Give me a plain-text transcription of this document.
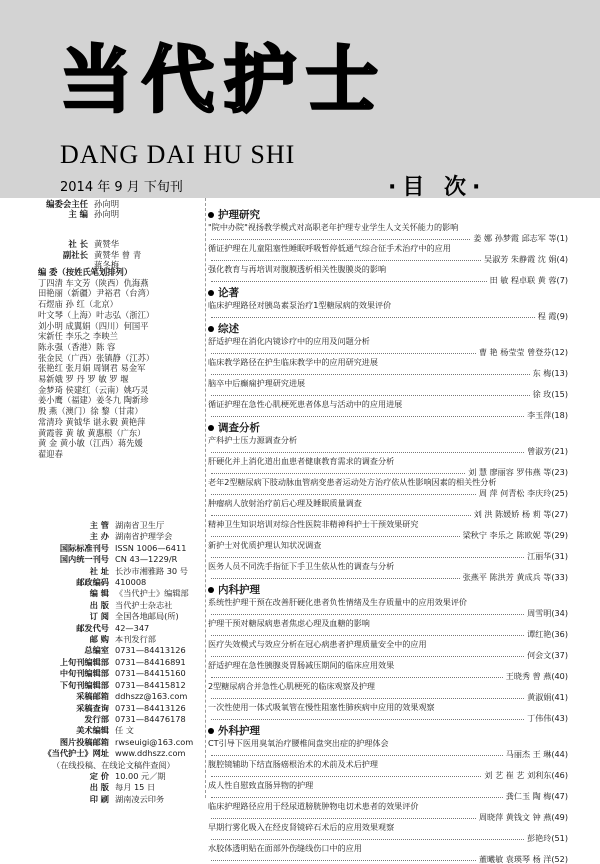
当代护士
DANG DAI HU SHI
2014 年 9 月 下旬刊	·目 次·
编委会主任 孙向明
主 编 孙向明
社 长 黄赞华
副社长 黄赞华 曾 青
蒋冬梅
编 委（按姓氏笔划排列）
丁四清 车文芳（陕西）仇海燕
田艳丽（新疆）尹裕君（台湾）
石煜庙 孙 红（北京）
叶文琴（上海）叶志弘（浙江）
刘小明 成翼娟（四川）何国平
宋新任 李乐之 李映兰
陈永强（香港）陈 容
张金民（广西）张镇静（江苏）
张艳红 张月娟 周钢君 易金军
易新娥 罗 丹 罗 敏 罗 堰
金梦琦 侯建红（云南）姚巧灵
姜小鹰（福建）姜冬九 陶新珍
殷 燕（澳门）徐 黎（甘肃）
常清玲 黄钺华 谌永毅 黄艳萍
黄霞蓉 黄 敏 黄惠根（广东）
黄 金 黄小敏（江西）蒋先媛
翟迎春
主 管 湖南省卫生厅
主 办 湖南省护理学会
国际标准刊号 ISSN 1006—6411
国内统一刊号 CN 43—1229/R
社 址 长沙市湘雅路 30 号
邮政编码 410008
编 辑 《当代护士》编辑部
出 版 当代护士杂志社
订 阅 全国各地邮局(所)
邮发代号 42—347
邮 购 本刊发行部
总编室 0731—84413126
上旬刊编辑部 0731—84416891
中旬刊编辑部 0731—84415160
下旬刊编辑部 0731—84415812
采稿邮箱 ddhszz@163.com
采稿查询 0731—84413126
发行部 0731—84476178
美术编辑 任 文
图片投稿邮箱 rwseuigi@163.com
《当代护士》网址 www.ddhszz.com
（在线投稿、在线论文稿件查阅）
定 价 10.00 元／期
出 版 每月 15 日
印 刷 湖南凌云印务
护理研究
"院中办院"视扬教学模式对高职老年护理专业学生人文关怀能力的影响
姜 娜 孙梦霞 邱志军 等 (1)
循证护理在儿童阻塞性睡眠呼吸暂停低通气综合征手术治疗中的应用
吴淑芳 朱静霞 沈 娟 (4)
强化教育与再培训对腹膜透析相关性腹膜炎的影响
田 敏 程卓联 黄 蓉 (7)
论著
临床护理路径对胰岛素泵治疗1型糖尿病的效果评价
程 霞 (9)
综述
舒适护理在消化内镜诊疗中的应用及问题分析
曹 艳 杨莹莹 曾登芬 (12)
临床教学路径在护生临床教学中的应用研究进展
东 梅 (13)
脑卒中后癫痫护理研究进展
徐 玫 (15)
循证护理在急性心肌梗死患者体息与活动中的应用进展
李玉萍 (18)
调查分析
产科护士压力源调查分析
曾淑芳 (21)
肝硬化并上消化道出血患者健康教育需求的调查分析
刘 慧 廖丽容 罗伟燕 等 (23)
老年2型糖尿病下肢动脉血管病变患者运动处方治疗依从性影响因素的相关性分析
周 萍 何青松 李庆玲 (25)
肿瘤病人放射治疗前后心理及睡眠质量调查
刘 洪 陈媛娇 杨 莉 等 (27)
精神卫生知识培训对综合性医院非精神科护士干预效果研究
梁秋宁 李乐之 陈欧妮 等 (29)
新护士对优质护理认知状况调查
江丽华 (31)
医务人员不同洗手指征下手卫生依从性的调查与分析
张燕平 陈洪芳 黄成兵 等 (33)
内科护理
系统性护理干预在改善肝硬化患者负性情绪及生存质量中的应用效果评价
周雪明 (34)
护理干预对糖尿病患者焦虑心理及血糖的影响
谭红艳 (36)
医疗失效模式与效应分析在冠心病患者护理质量安全中的应用
何会文 (37)
舒适护理在急性胰腺炎胃肠减压期间的临床应用效果
王晓秀 曾 燕 (40)
2型糖尿病合并急性心肌梗死的临床观察及护理
黄淑娟 (41)
一次性使用一体式吸氧管在慢性阻塞性肺疾病中应用的效果观察
丁伟伟 (43)
外科护理
CT引导下医用臭氧治疗腰椎间盘突出症的护理体会
马丽杰 王 琳 (44)
腹腔镜辅助下结直肠癌根治术的术前及术后护理
刘 艺 崔 艺 刘利东 (46)
成人性自慰致直肠异物的护理
龚仁玉 陶 梅 (47)
临床护理路径应用于经尿道膀胱肿物电切术患者的效果评价
周晓萍 黄钱文 钟 燕 (49)
早期行雾化吸入在经皮肾镜碎石术后的应用效果观察
彭艳玲 (51)
水胶体透明贴在面部外伤缝线伤口中的应用
董曦敏 袁瑛琴 杨 洋 (52)
